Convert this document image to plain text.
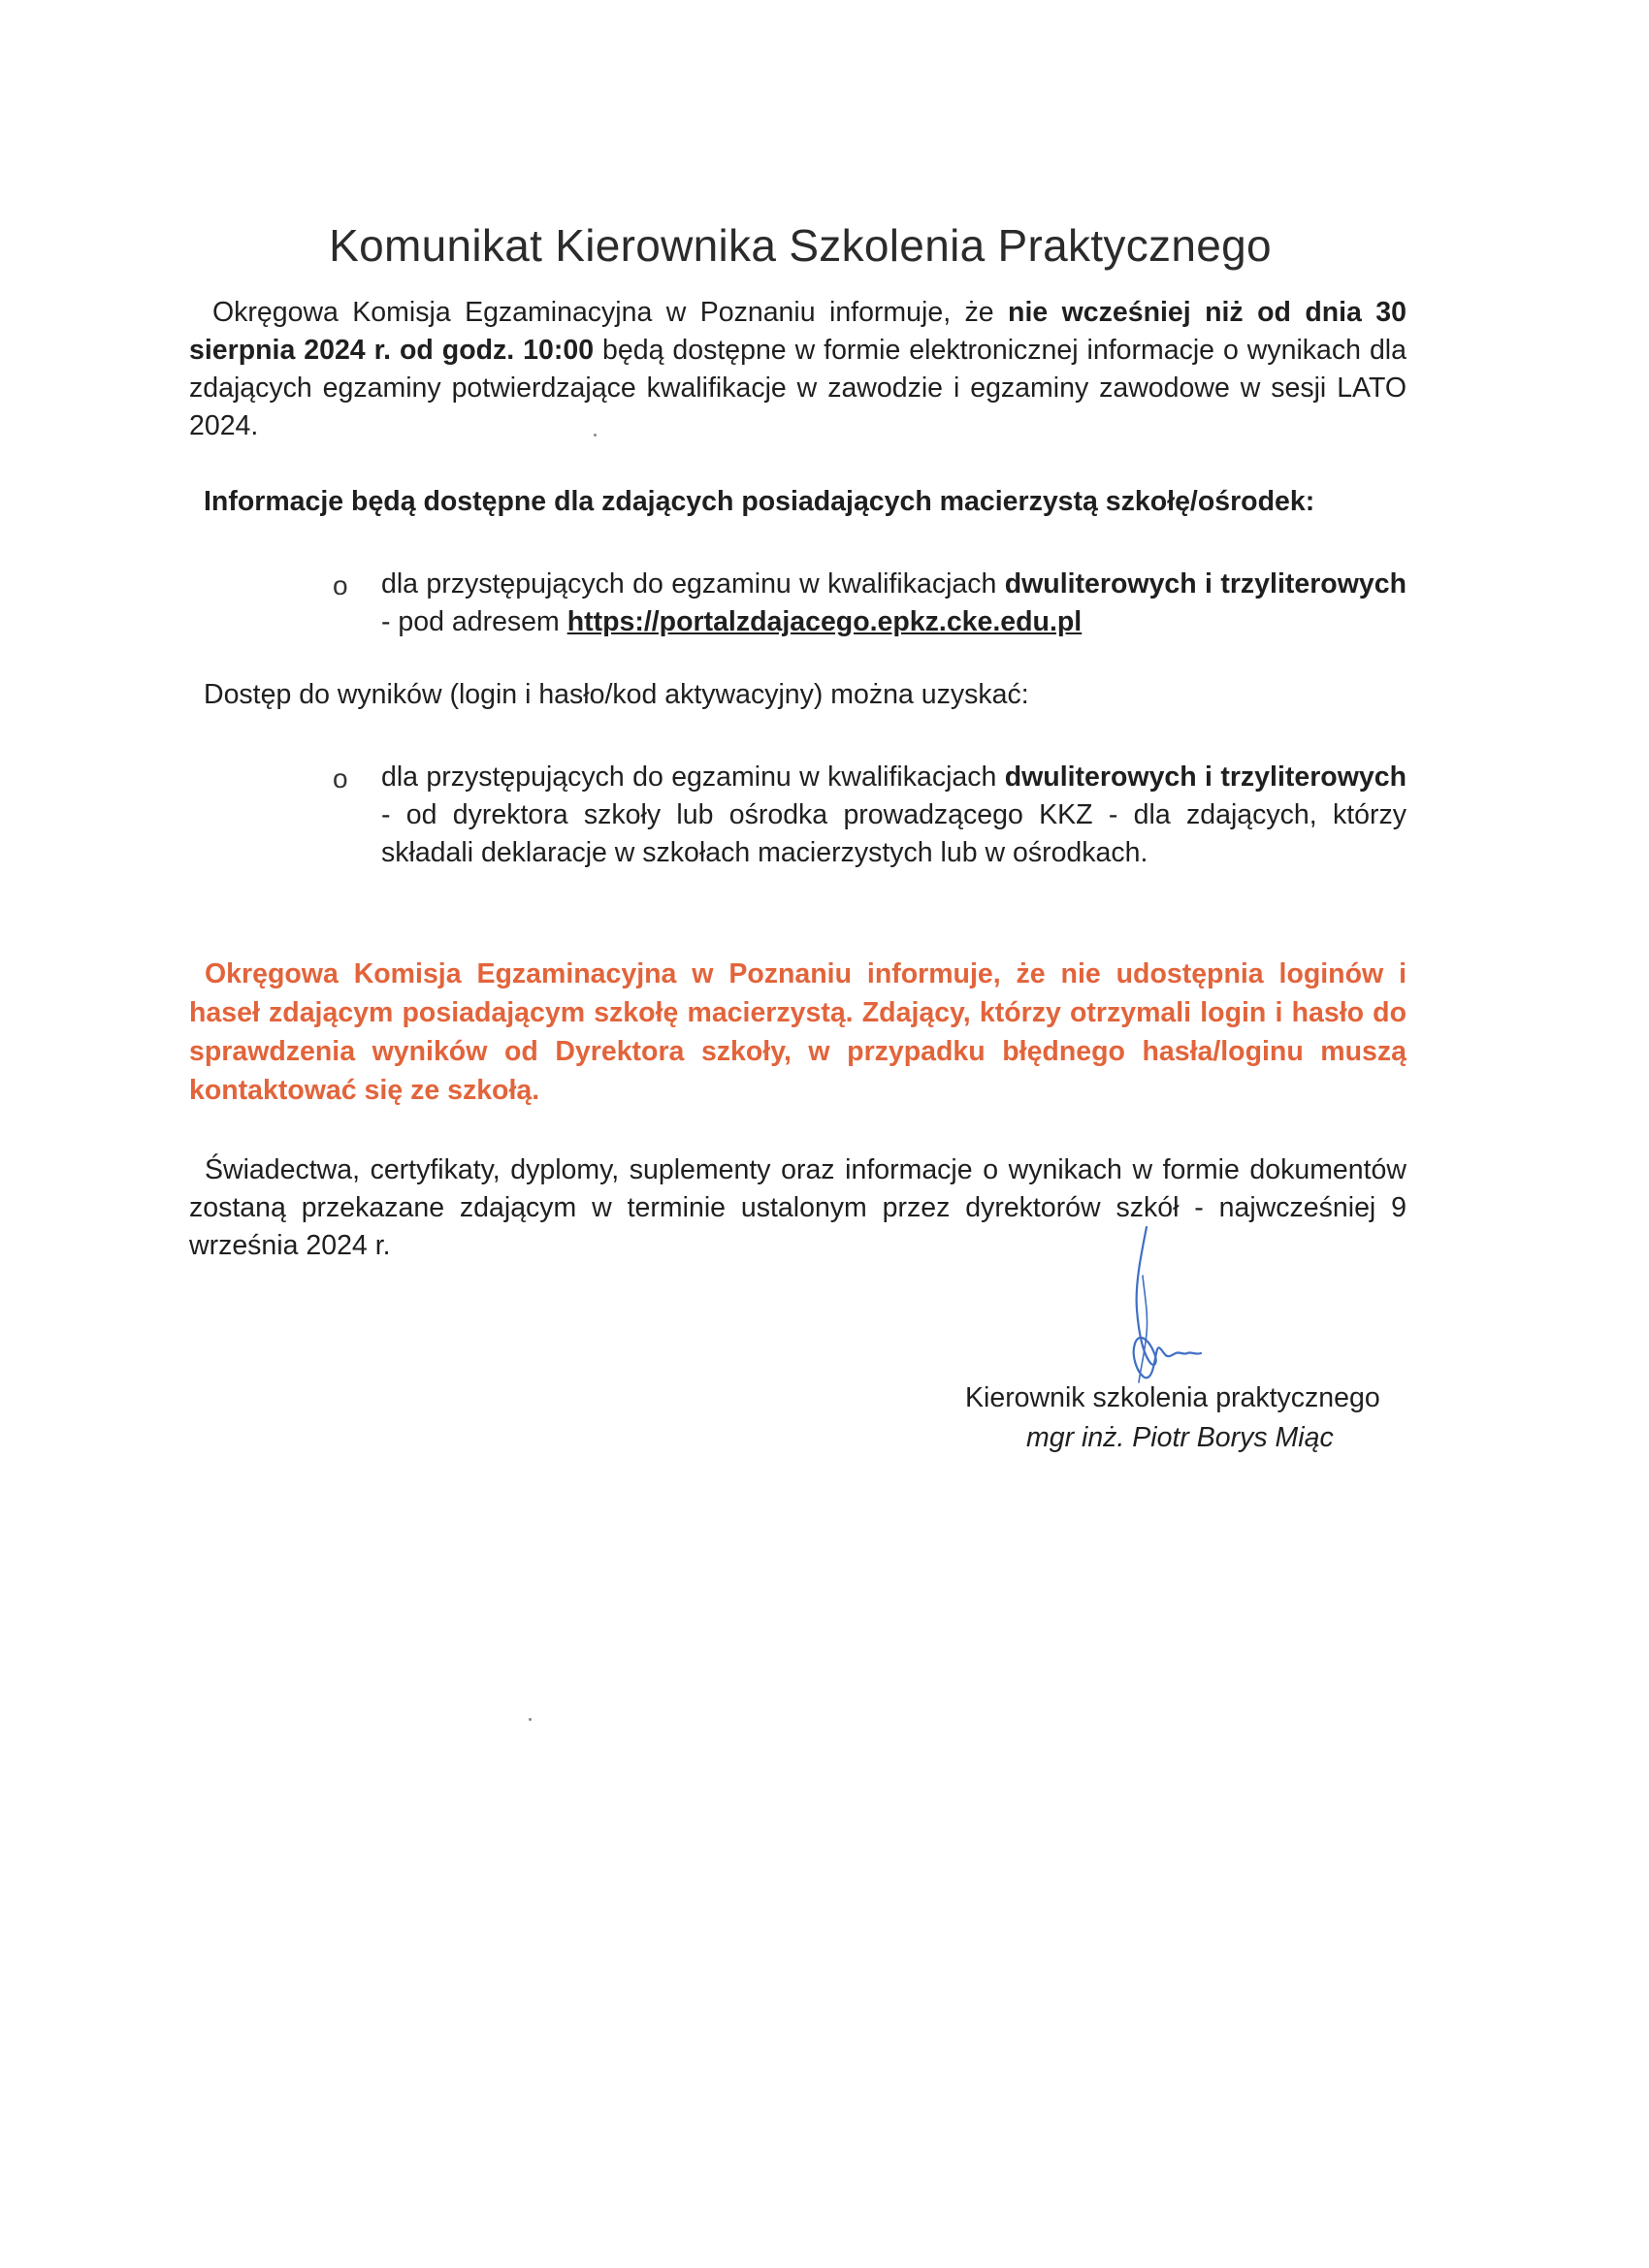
Komunikat Kierownika Szkolenia Praktycznego

Okręgowa Komisja Egzaminacyjna w Poznaniu informuje, że nie wcześniej niż od dnia 30 sierpnia 2024 r. od godz. 10:00 będą dostępne w formie elektronicznej informacje o wynikach dla zdających egzaminy potwierdzające kwalifikacje w zawodzie i egzaminy zawodowe w sesji LATO 2024.

Informacje będą dostępne dla zdających posiadających macierzystą szkołę/ośrodek:

o dla przystępujących do egzaminu w kwalifikacjach dwuliterowych i trzyliterowych - pod adresem https://portalzdajacego.epkz.cke.edu.pl

Dostęp do wyników (login i hasło/kod aktywacyjny) można uzyskać:

o dla przystępujących do egzaminu w kwalifikacjach dwuliterowych i trzyliterowych - od dyrektora szkoły lub ośrodka prowadzącego KKZ - dla zdających, którzy składali deklaracje w szkołach macierzystych lub w ośrodkach.

Okręgowa Komisja Egzaminacyjna w Poznaniu informuje, że nie udostępnia loginów i haseł zdającym posiadającym szkołę macierzystą. Zdający, którzy otrzymali login i hasło do sprawdzenia wyników od Dyrektora szkoły, w przypadku błędnego hasła/loginu muszą kontaktować się ze szkołą.

Świadectwa, certyfikaty, dyplomy, suplementy oraz informacje o wynikach w formie dokumentów zostaną przekazane zdającym w terminie ustalonym przez dyrektorów szkół - najwcześniej 9 września 2024 r.

Kierownik szkolenia praktycznego

mgr inż. Piotr Borys Miąc
